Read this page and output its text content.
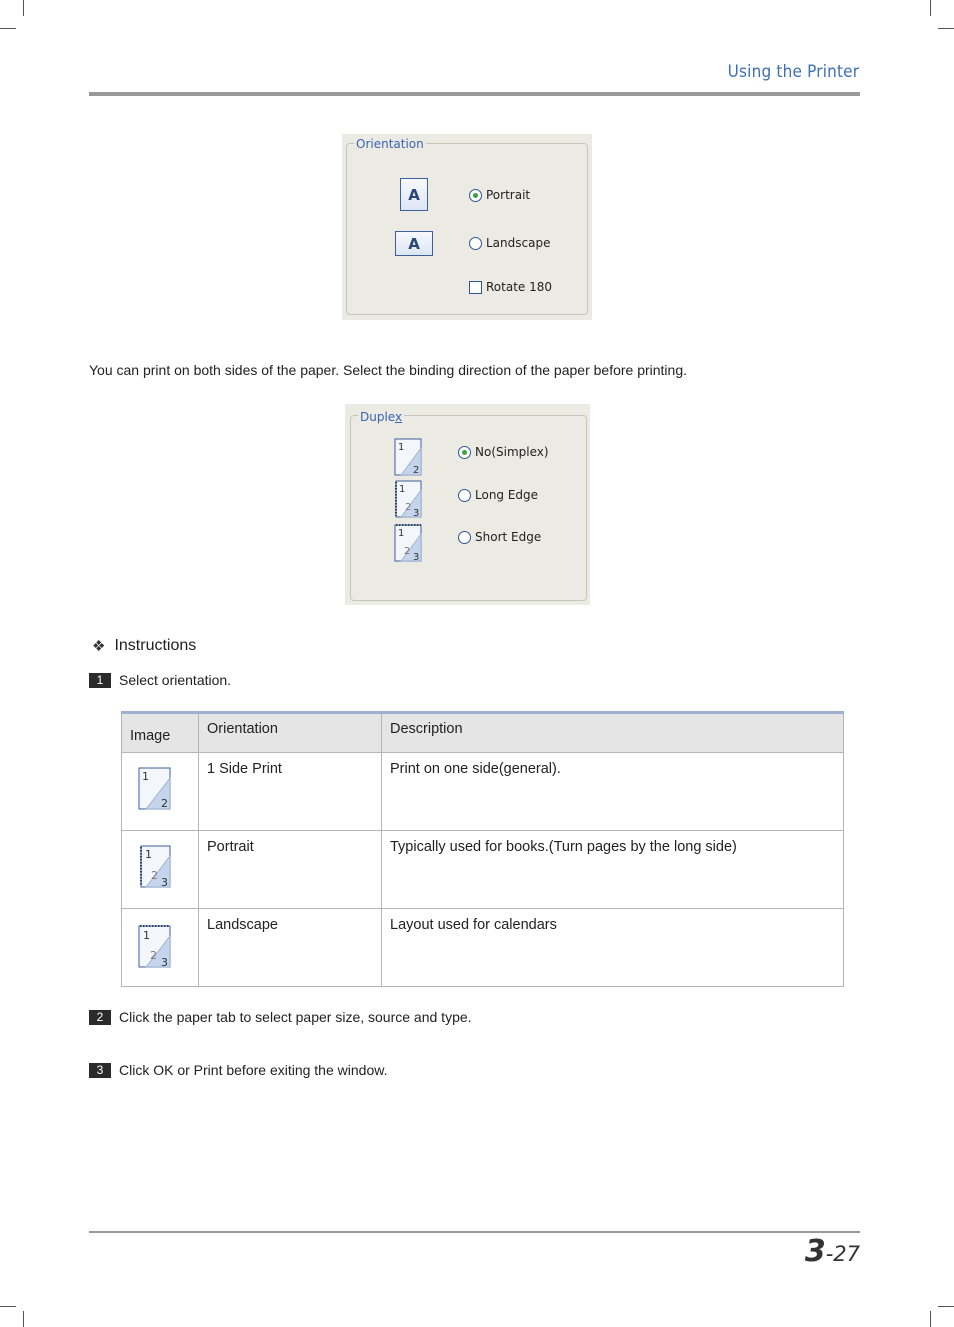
Using the Printer
Orientation
A
A
Portrait
Landscape
Rotate 180
You can print on both sides of the paper. Select the binding direction of the paper before printing.
Duplex
1
2
1
2
3
1
2
3
No(Simplex)
Long Edge
Short Edge
❖ Instructions
1	Select orientation.
Image	Orientation	Description

1
2	1 Side Print	Print on one side(general).

1
2
3	Portrait	Typically used for books.(Turn pages by the long side)

1
2
3	Landscape	Layout used for calendars
2	Click the paper tab to select paper size, source and type.
3	Click OK or Print before exiting the window.
3-27
